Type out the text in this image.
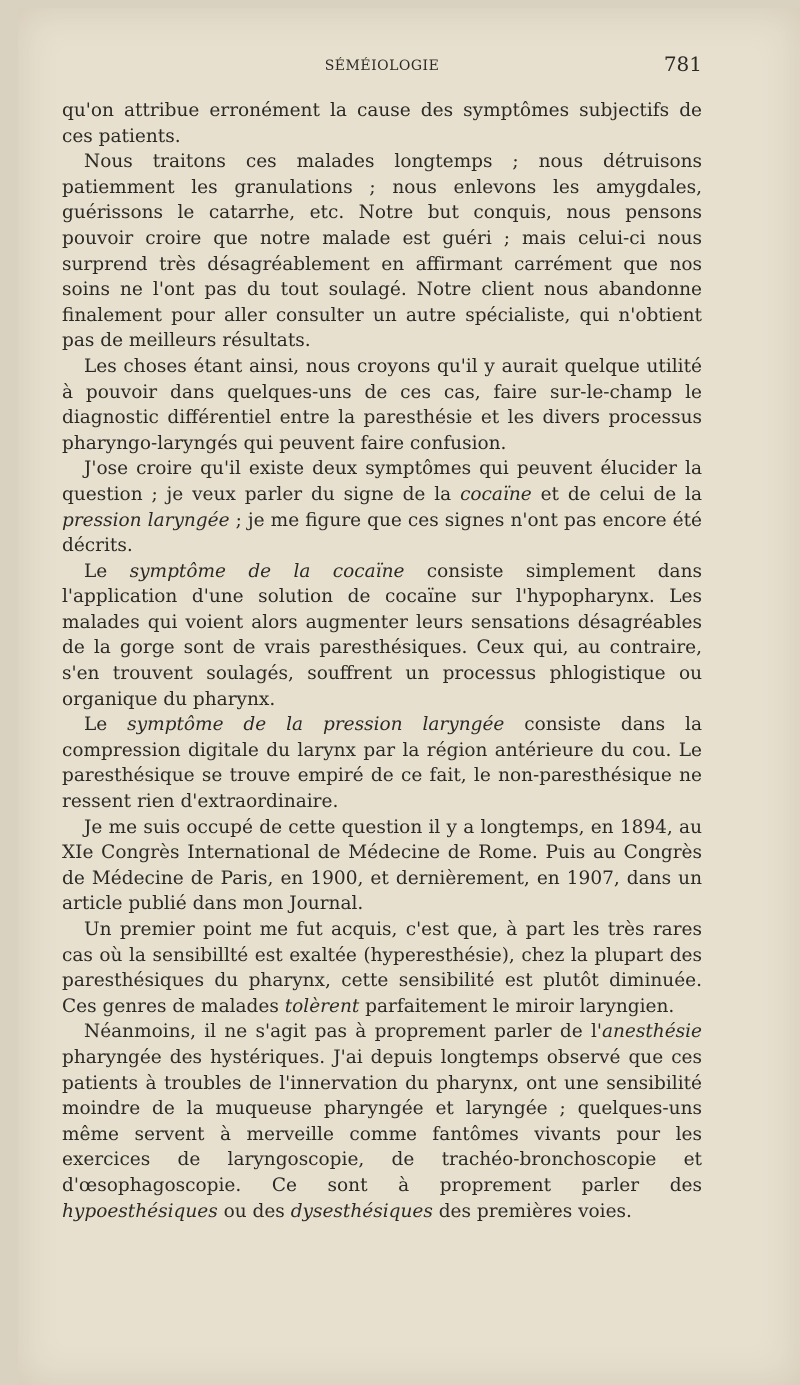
SÉMÉIOLOGIE	781

qu'on attribue erronément la cause des symptômes subjectifs de ces patients.

Nous traitons ces malades longtemps ; nous détruisons patiemment les granulations ; nous enlevons les amygdales, guérissons le catarrhe, etc. Notre but conquis, nous pensons pouvoir croire que notre malade est guéri ; mais celui-ci nous surprend très désagréablement en affirmant carrément que nos soins ne l'ont pas du tout soulagé. Notre client nous abandonne finalement pour aller consulter un autre spécialiste, qui n'obtient pas de meilleurs résultats.

Les choses étant ainsi, nous croyons qu'il y aurait quelque utilité à pouvoir dans quelques-uns de ces cas, faire sur-le-champ le diagnostic différentiel entre la paresthésie et les divers processus pharyngo-laryngés qui peuvent faire confusion.

J'ose croire qu'il existe deux symptômes qui peuvent élucider la question ; je veux parler du signe de la cocaïne et de celui de la pression laryngée ; je me figure que ces signes n'ont pas encore été décrits.

Le symptôme de la cocaïne consiste simplement dans l'application d'une solution de cocaïne sur l'hypopharynx. Les malades qui voient alors augmenter leurs sensations désagréables de la gorge sont de vrais paresthésiques. Ceux qui, au contraire, s'en trouvent soulagés, souffrent un processus phlogistique ou organique du pharynx.

Le symptôme de la pression laryngée consiste dans la compression digitale du larynx par la région antérieure du cou. Le paresthésique se trouve empiré de ce fait, le non-paresthésique ne ressent rien d'extraordinaire.

Je me suis occupé de cette question il y a longtemps, en 1894, au XIe Congrès International de Médecine de Rome. Puis au Congrès de Médecine de Paris, en 1900, et dernièrement, en 1907, dans un article publié dans mon Journal.

Un premier point me fut acquis, c'est que, à part les très rares cas où la sensibillté est exaltée (hyperesthésie), chez la plupart des paresthésiques du pharynx, cette sensibilité est plutôt diminuée. Ces genres de malades tolèrent parfaitement le miroir laryngien.

Néanmoins, il ne s'agit pas à proprement parler de l'anesthésie pharyngée des hystériques. J'ai depuis longtemps observé que ces patients à troubles de l'innervation du pharynx, ont une sensibilité moindre de la muqueuse pharyngée et laryngée ; quelques-uns même servent à merveille comme fantômes vivants pour les exercices de laryngoscopie, de trachéo-bronchoscopie et d'œsophagoscopie. Ce sont à proprement parler des hypoesthésiques ou des dysesthésiques des premières voies.
